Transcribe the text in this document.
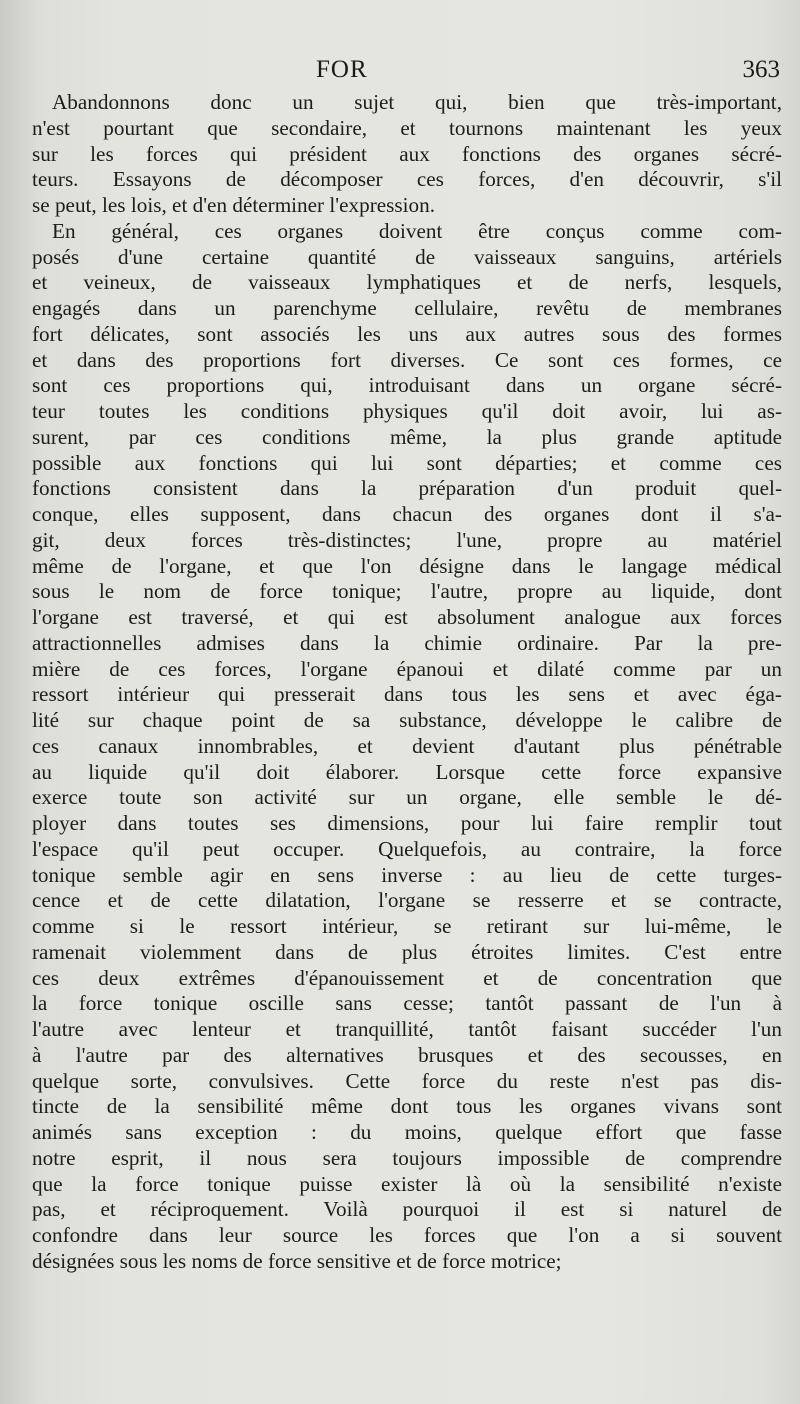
FOR	363
Abandonnons donc un sujet qui, bien que très-important,
n'est pourtant que secondaire, et tournons maintenant les yeux
sur les forces qui président aux fonctions des organes sécré-
teurs. Essayons de décomposer ces forces, d'en découvrir, s'il
se peut, les lois, et d'en déterminer l'expression.
En général, ces organes doivent être conçus comme com-
posés d'une certaine quantité de vaisseaux sanguins, artériels
et veineux, de vaisseaux lymphatiques et de nerfs, lesquels,
engagés dans un parenchyme cellulaire, revêtu de membranes
fort délicates, sont associés les uns aux autres sous des formes
et dans des proportions fort diverses. Ce sont ces formes, ce
sont ces proportions qui, introduisant dans un organe sécré-
teur toutes les conditions physiques qu'il doit avoir, lui as-
surent, par ces conditions même, la plus grande aptitude
possible aux fonctions qui lui sont départies; et comme ces
fonctions consistent dans la préparation d'un produit quel-
conque, elles supposent, dans chacun des organes dont il s'a-
git, deux forces très-distinctes; l'une, propre au matériel
même de l'organe, et que l'on désigne dans le langage médical
sous le nom de force tonique; l'autre, propre au liquide, dont
l'organe est traversé, et qui est absolument analogue aux forces
attractionnelles admises dans la chimie ordinaire. Par la pre-
mière de ces forces, l'organe épanoui et dilaté comme par un
ressort intérieur qui presserait dans tous les sens et avec éga-
lité sur chaque point de sa substance, développe le calibre de
ces canaux innombrables, et devient d'autant plus pénétrable
au liquide qu'il doit élaborer. Lorsque cette force expansive
exerce toute son activité sur un organe, elle semble le dé-
ployer dans toutes ses dimensions, pour lui faire remplir tout
l'espace qu'il peut occuper. Quelquefois, au contraire, la force
tonique semble agir en sens inverse : au lieu de cette turges-
cence et de cette dilatation, l'organe se resserre et se contracte,
comme si le ressort intérieur, se retirant sur lui-même, le
ramenait violemment dans de plus étroites limites. C'est entre
ces deux extrêmes d'épanouissement et de concentration que
la force tonique oscille sans cesse; tantôt passant de l'un à
l'autre avec lenteur et tranquillité, tantôt faisant succéder l'un
à l'autre par des alternatives brusques et des secousses, en
quelque sorte, convulsives. Cette force du reste n'est pas dis-
tincte de la sensibilité même dont tous les organes vivans sont
animés sans exception : du moins, quelque effort que fasse
notre esprit, il nous sera toujours impossible de comprendre
que la force tonique puisse exister là où la sensibilité n'existe
pas, et réciproquement. Voilà pourquoi il est si naturel de
confondre dans leur source les forces que l'on a si souvent
désignées sous les noms de force sensitive et de force motrice;
